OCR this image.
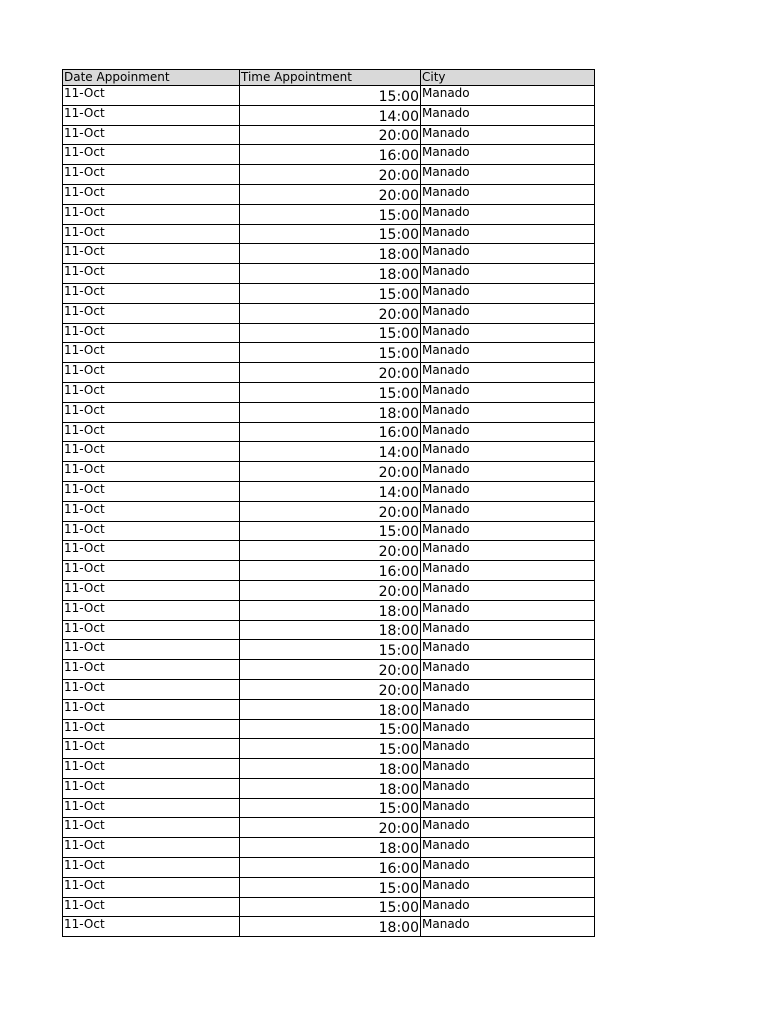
Date Appoinment	Time Appointment	City
11-Oct	15:00	Manado
11-Oct	14:00	Manado
11-Oct	20:00	Manado
11-Oct	16:00	Manado
11-Oct	20:00	Manado
11-Oct	20:00	Manado
11-Oct	15:00	Manado
11-Oct	15:00	Manado
11-Oct	18:00	Manado
11-Oct	18:00	Manado
11-Oct	15:00	Manado
11-Oct	20:00	Manado
11-Oct	15:00	Manado
11-Oct	15:00	Manado
11-Oct	20:00	Manado
11-Oct	15:00	Manado
11-Oct	18:00	Manado
11-Oct	16:00	Manado
11-Oct	14:00	Manado
11-Oct	20:00	Manado
11-Oct	14:00	Manado
11-Oct	20:00	Manado
11-Oct	15:00	Manado
11-Oct	20:00	Manado
11-Oct	16:00	Manado
11-Oct	20:00	Manado
11-Oct	18:00	Manado
11-Oct	18:00	Manado
11-Oct	15:00	Manado
11-Oct	20:00	Manado
11-Oct	20:00	Manado
11-Oct	18:00	Manado
11-Oct	15:00	Manado
11-Oct	15:00	Manado
11-Oct	18:00	Manado
11-Oct	18:00	Manado
11-Oct	15:00	Manado
11-Oct	20:00	Manado
11-Oct	18:00	Manado
11-Oct	16:00	Manado
11-Oct	15:00	Manado
11-Oct	15:00	Manado
11-Oct	18:00	Manado
